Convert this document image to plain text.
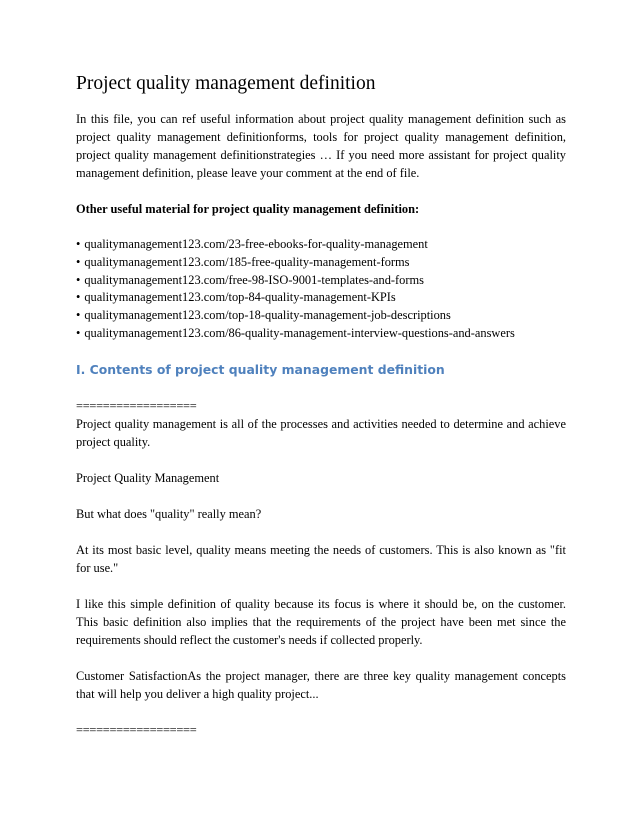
Project quality management definition

In this file, you can ref useful information about project quality management definition such as project quality management definitionforms, tools for project quality management definition, project quality management definitionstrategies … If you need more assistant for project quality management definition, please leave your comment at the end of file.

Other useful material for project quality management definition:

• qualitymanagement123.com/23-free-ebooks-for-quality-management
• qualitymanagement123.com/185-free-quality-management-forms
• qualitymanagement123.com/free-98-ISO-9001-templates-and-forms
• qualitymanagement123.com/top-84-quality-management-KPIs
• qualitymanagement123.com/top-18-quality-management-job-descriptions
• qualitymanagement123.com/86-quality-management-interview-questions-and-answers
I. Contents of project quality management definition

==================

Project quality management is all of the processes and activities needed to determine and achieve project quality.

Project Quality Management

But what does "quality" really mean?

At its most basic level, quality means meeting the needs of customers. This is also known as "fit for use."

I like this simple definition of quality because its focus is where it should be, on the customer. This basic definition also implies that the requirements of the project have been met since the requirements should reflect the customer's needs if collected properly.

Customer SatisfactionAs the project manager, there are three key quality management concepts that will help you deliver a high quality project...

==================
